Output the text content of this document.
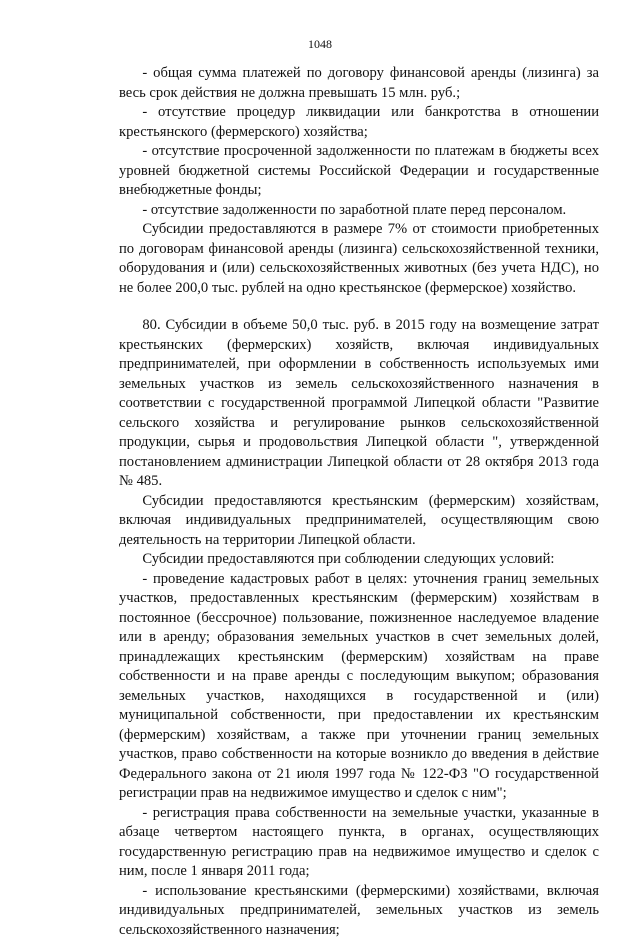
1048

- общая сумма платежей по договору финансовой аренды (лизинга) за весь срок действия не должна превышать 15 млн. руб.;

- отсутствие процедур ликвидации или банкротства в отношении крестьянского (фермерского) хозяйства;

- отсутствие просроченной задолженности по платежам в бюджеты всех уровней бюджетной системы Российской Федерации и государственные внебюджетные фонды;

- отсутствие задолженности по заработной плате перед персоналом.

Субсидии предоставляются в размере 7% от стоимости приобретенных по договорам финансовой аренды (лизинга) сельскохозяйственной техники, оборудования и (или) сельскохозяйственных животных (без учета НДС), но не более 200,0 тыс. рублей на одно крестьянское (фермерское) хозяйство.

80. Субсидии в объеме 50,0 тыс. руб. в 2015 году на возмещение затрат крестьянских (фермерских) хозяйств, включая индивидуальных предпринимателей, при оформлении в собственность используемых ими земельных участков из земель сельскохозяйственного назначения в соответствии с государственной программой Липецкой области "Развитие сельского хозяйства и регулирование рынков сельскохозяйственной продукции, сырья и продовольствия Липецкой области ", утвержденной постановлением администрации Липецкой области от 28 октября 2013 года № 485.

Субсидии предоставляются крестьянским (фермерским) хозяйствам, включая индивидуальных предпринимателей, осуществляющим свою деятельность на территории Липецкой области.

Субсидии предоставляются при соблюдении следующих условий:

- проведение кадастровых работ в целях: уточнения границ земельных участков, предоставленных крестьянским (фермерским) хозяйствам в постоянное (бессрочное) пользование, пожизненное наследуемое владение или в аренду; образования земельных участков в счет земельных долей, принадлежащих крестьянским (фермерским) хозяйствам на праве собственности и на праве аренды с последующим выкупом; образования земельных участков, находящихся в государственной и (или) муниципальной собственности, при предоставлении их крестьянским (фермерским) хозяйствам, а также при уточнении границ земельных участков, право собственности на которые возникло до введения в действие Федерального закона от 21 июля 1997 года № 122-ФЗ "О государственной регистрации прав на недвижимое имущество и сделок с ним";

- регистрация права собственности на земельные участки, указанные в абзаце четвертом настоящего пункта, в органах, осуществляющих государственную регистрацию прав на недвижимое имущество и сделок с ним, после 1 января 2011 года;

- использование крестьянскими (фермерскими) хозяйствами, включая индивидуальных предпринимателей, земельных участков из земель сельскохозяйственного назначения;
